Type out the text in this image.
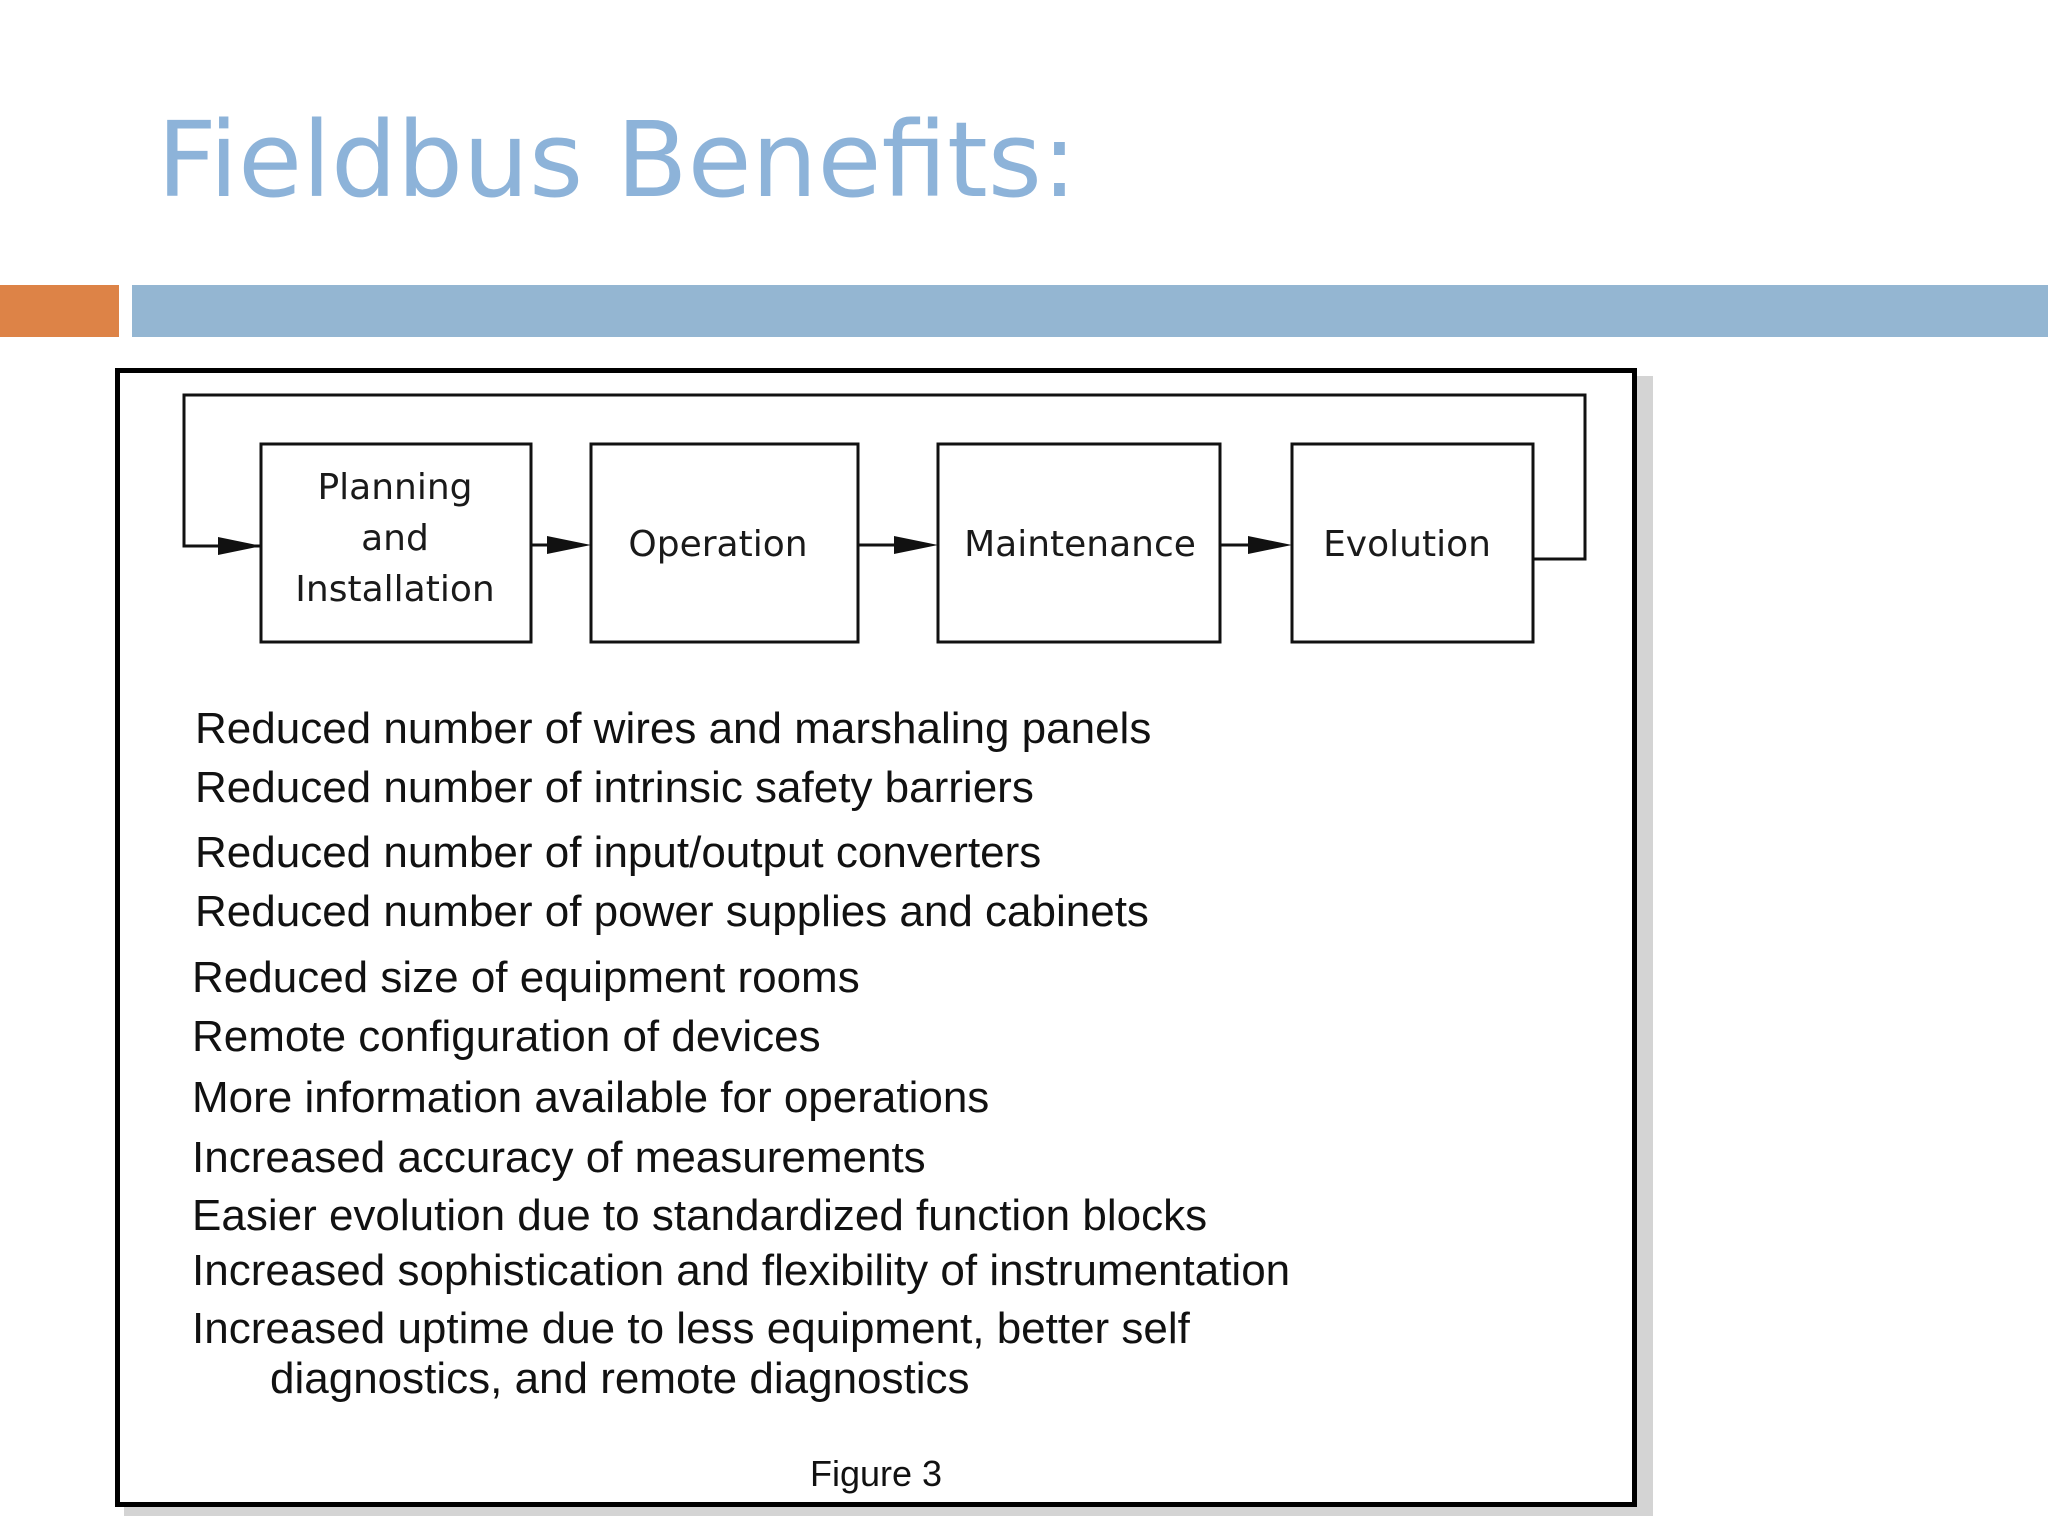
Fieldbus Benefits:
Planning
and
Installation
Operation	Maintenance	Evolution
Reduced number of wires and marshaling panels
Reduced number of intrinsic safety barriers
Reduced number of input/output converters
Reduced number of power supplies and cabinets
Reduced size of equipment rooms
Remote configuration of devices
More information available for operations
Increased accuracy of measurements
Easier evolution due to standardized function blocks
Increased sophistication and flexibility of instrumentation
Increased uptime due to less equipment, better self
diagnostics, and remote diagnostics
Figure 3
